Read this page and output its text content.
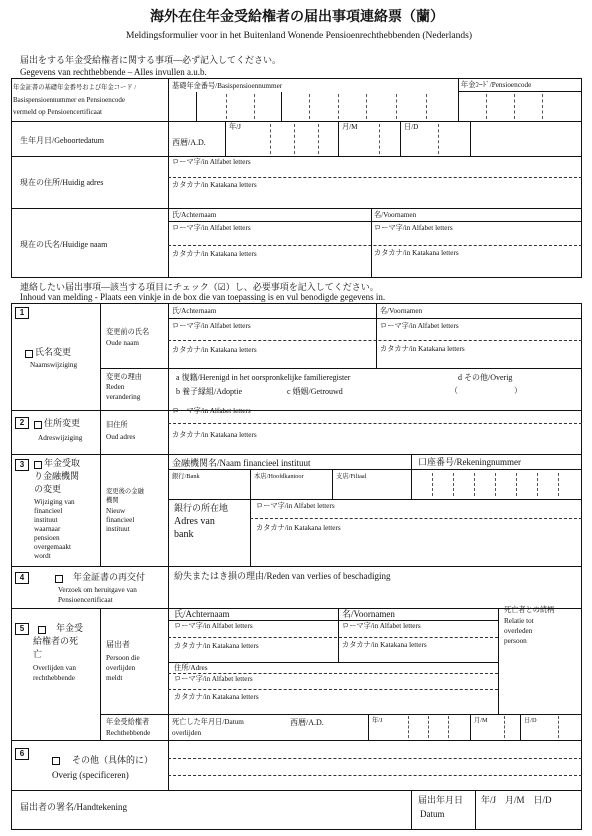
海外在住年金受給権者の届出事項連絡票（蘭）
Meldingsformulier voor in het Buitenland Wonende Pensioenrechthebbenden (Nederlands)
届出をする年金受給権者に関する事項―必ず記入してください。
Gegevens van rechthebbende – Alles invullen a.u.b.
年金証書の基礎年金番号および年金コード /
Basispensioennummer en Pensioencode
vermeld op Pensioencertificaat
基礎年金番号/Basispensioennummer	年金ｺｰﾄﾞ/Pensioencode
生年月日/Geboortedatum	西暦/A.D.
年/J	月/M	日/D
現在の住所/Huidig adres
ローマ字/in Alfabet letters
カタカナ/in Katakana letters
現在の氏名/Huidige naam
氏/Achternaam	名/Voornamen
ローマ字/in Alfabet letters	ローマ字/in Alfabet letters
カタカナ/in Katakana letters	カタカナ/in Katakana letters
連絡したい届出事項―該当する項目にチェック（☑）し、必要事項を記入してください。
Inhoud van melding - Plaats een vinkje in de box die van toepassing is en vul benodigde gegevens in.
1
氏名変更
Naamswijziging
変更前の氏名
Oude naam
氏/Achternaam	名/Voornamen
ローマ字/in Alfabet letters	ローマ字/in Alfabet letters
カタカナ/in Katakana letters	カタカナ/in Katakana letters
変更の理由
Reden
verandering
a 復籍/Herenigd in het oorspronkelijke familieregister	d その他/Overig
b 養子縁組/Adoptie	c 婚姻/Getrouwd	（　　　　　　　）
2	住所変更
Adreswijziging
旧住所
Oud adres
ローマ字/in Alfabet letters
カタカナ/in Katakana letters
3	年金受取
り金融機関
の変更
Wijziging van
financieel
instituut
waarnaar
pensioen
overgemaakt
wordt
変更後の金融
機関
Nieuw
financieel
instituut
金融機関名/Naam financieel instituut	口座番号/Rekeningnummer
銀行/Bank	本店/Hoofdkantoor	支店/Filiaal
銀行の所在地
Adres van
bank
ローマ字/in Alfabet letters
カタカナ/in Katakana letters
4	年金証書の再交付
Verzoek om heruitgave van
Pensioencertificaat
紛失またはき損の理由/Reden van verlies of beschadiging
5	年金受
給権者の死
亡
Overlijden van
rechthebbende
届出者
Persoon die
overlijden
meldt
氏/Achternaam	名/Voornamen	死亡者との続柄
Relatie tot
overleden
persoon
ローマ字/in Alfabet letters	ローマ字/in Alfabet letters
カタカナ/in Katakana letters	カタカナ/in Katakana letters
住所/Adres
ローマ字/in Alfabet letters
カタカナ/in Katakana letters
年金受給権者
Rechthebbende
死亡した年月日/Datum
overlijden
西暦/A.D.	年/J	月/M	日/D
6
その他（具体的に）
Overig (specificeren)
届出者の署名/Handtekening
届出年月日
Datum
年/J　月/M　日/D
